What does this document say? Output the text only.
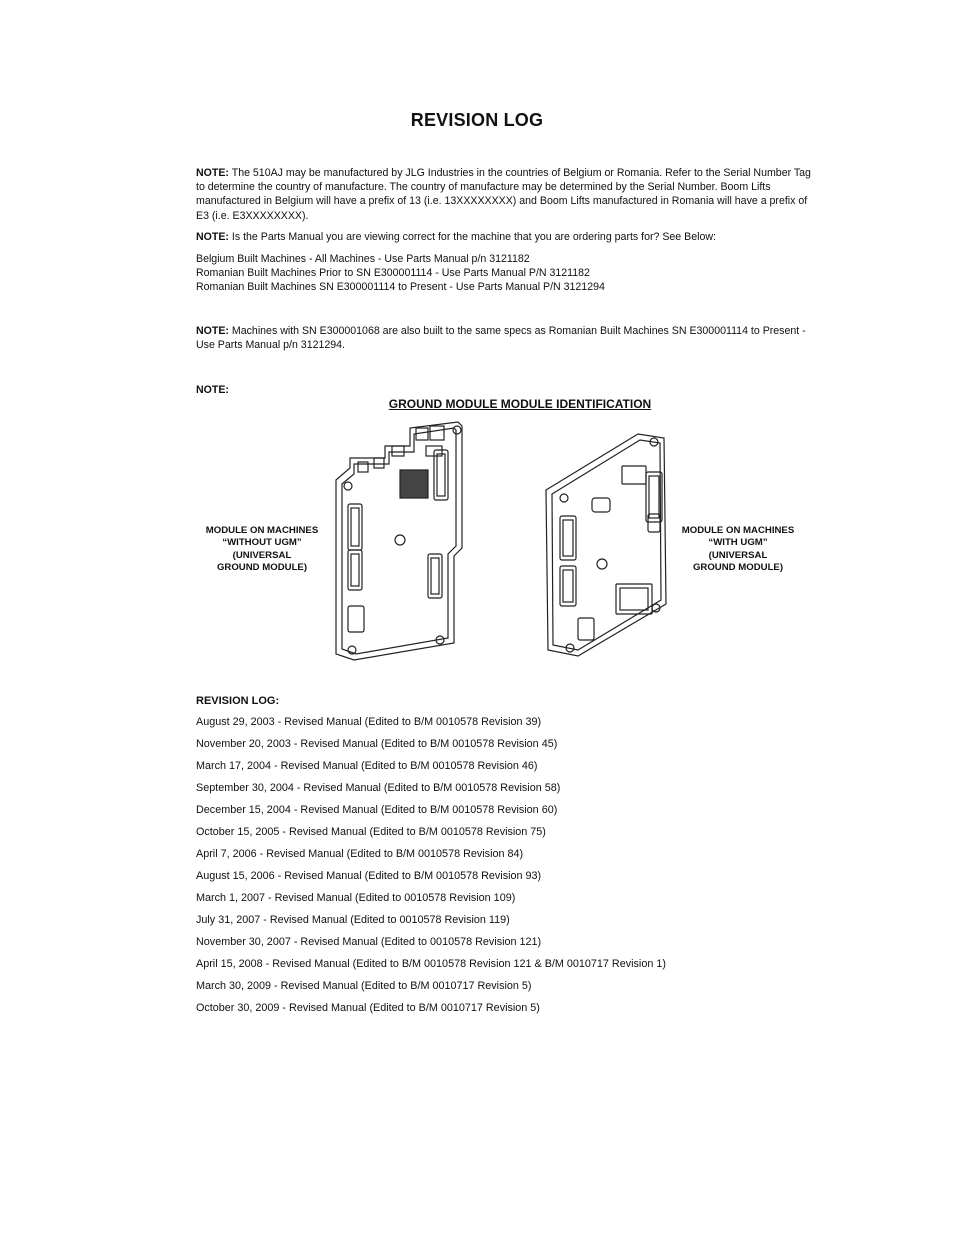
REVISION LOG
NOTE: The 510AJ may be manufactured by JLG Industries in the countries of Belgium or Romania. Refer to the Serial Number Tag to determine the country of manufacture. The country of manufacture may be determined by the Serial Number. Boom Lifts manufactured in Belgium will have a prefix of 13 (i.e. 13XXXXXXXX) and Boom Lifts manufactured in Romania will have a prefix of E3 (i.e. E3XXXXXXXX).
NOTE: Is the Parts Manual you are viewing correct for the machine that you are ordering parts for? See Below:
Belgium Built Machines - All Machines - Use Parts Manual p/n 3121182
Romanian Built Machines Prior to SN E300001114 - Use Parts Manual P/N 3121182
Romanian Built Machines SN E300001114 to Present - Use Parts Manual P/N 3121294
NOTE: Machines with SN E300001068 are also built to the same specs as Romanian Built Machines SN E300001114 to Present - Use Parts Manual p/n 3121294.
NOTE:
GROUND MODULE MODULE IDENTIFICATION
MODULE ON MACHINES
“WITHOUT UGM”
(UNIVERSAL
GROUND MODULE)
MODULE ON MACHINES
“WITH UGM”
(UNIVERSAL
GROUND MODULE)
REVISION LOG:
August 29, 2003 - Revised Manual (Edited to B/M 0010578 Revision 39)
November 20, 2003 - Revised Manual (Edited to B/M 0010578 Revision 45)
March 17, 2004 - Revised Manual (Edited to B/M 0010578 Revision 46)
September 30, 2004 - Revised Manual (Edited to B/M 0010578 Revision 58)
December 15, 2004 - Revised Manual (Edited to B/M 0010578 Revision 60)
October 15, 2005 - Revised Manual (Edited to B/M 0010578 Revision 75)
April 7, 2006 - Revised Manual (Edited to B/M 0010578 Revision 84)
August 15, 2006 - Revised Manual (Edited to B/M 0010578 Revision 93)
March 1, 2007 - Revised Manual (Edited to 0010578 Revision 109)
July 31, 2007 - Revised Manual (Edited to 0010578 Revision 119)
November 30, 2007 - Revised Manual (Edited to 0010578 Revision 121)
April 15, 2008 - Revised Manual (Edited to B/M 0010578 Revision 121 & B/M 0010717 Revision 1)
March 30, 2009 - Revised Manual (Edited to B/M 0010717 Revision 5)
October 30, 2009 - Revised Manual (Edited to B/M 0010717 Revision 5)
